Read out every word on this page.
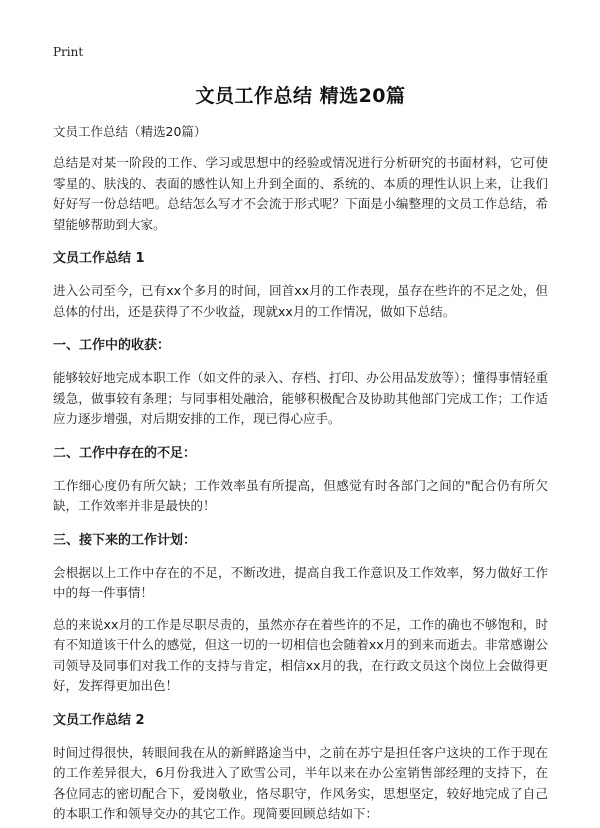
Print
文员工作总结 精选20篇
文员工作总结（精选20篇）

总结是对某一阶段的工作、学习或思想中的经验或情况进行分析研究的书面材料，它可使零星的、肤浅的、表面的感性认知上升到全面的、系统的、本质的理性认识上来，让我们好好写一份总结吧。总结怎么写才不会流于形式呢？下面是小编整理的文员工作总结，希望能够帮助到大家。

文员工作总结 1

进入公司至今，已有xx个多月的时间，回首xx月的工作表现，虽存在些许的不足之处，但总体的付出，还是获得了不少收益，现就xx月的工作情况，做如下总结。

一、工作中的收获：

能够较好地完成本职工作（如文件的录入、存档、打印、办公用品发放等）；懂得事情轻重缓急，做事较有条理；与同事相处融洽，能够积极配合及协助其他部门完成工作；工作适应力逐步增强，对后期安排的工作，现已得心应手。

二、工作中存在的不足：

工作细心度仍有所欠缺；工作效率虽有所提高，但感觉有时各部门之间的"配合仍有所欠缺，工作效率并非是最快的！

三、接下来的工作计划：

会根据以上工作中存在的不足，不断改进，提高自我工作意识及工作效率，努力做好工作中的每一件事情！

总的来说xx月的工作是尽职尽责的，虽然亦存在着些许的不足，工作的确也不够饱和，时有不知道该干什么的感觉，但这一切的一切相信也会随着xx月的到来而逝去。非常感谢公司领导及同事们对我工作的支持与肯定，相信xx月的我，在行政文员这个岗位上会做得更好，发挥得更加出色！

文员工作总结 2

时间过得很快，转眼间我在从的新鲜路途当中，之前在苏宁是担任客户这块的工作于现在的工作差异很大，6月份我进入了欧雪公司，半年以来在办公室销售部经理的支持下，在各位同志的密切配合下，爱岗敬业，恪尽职守，作风务实，思想坚定，较好地完成了自己的本职工作和领导交办的其它工作。现简要回顾总结如下：
